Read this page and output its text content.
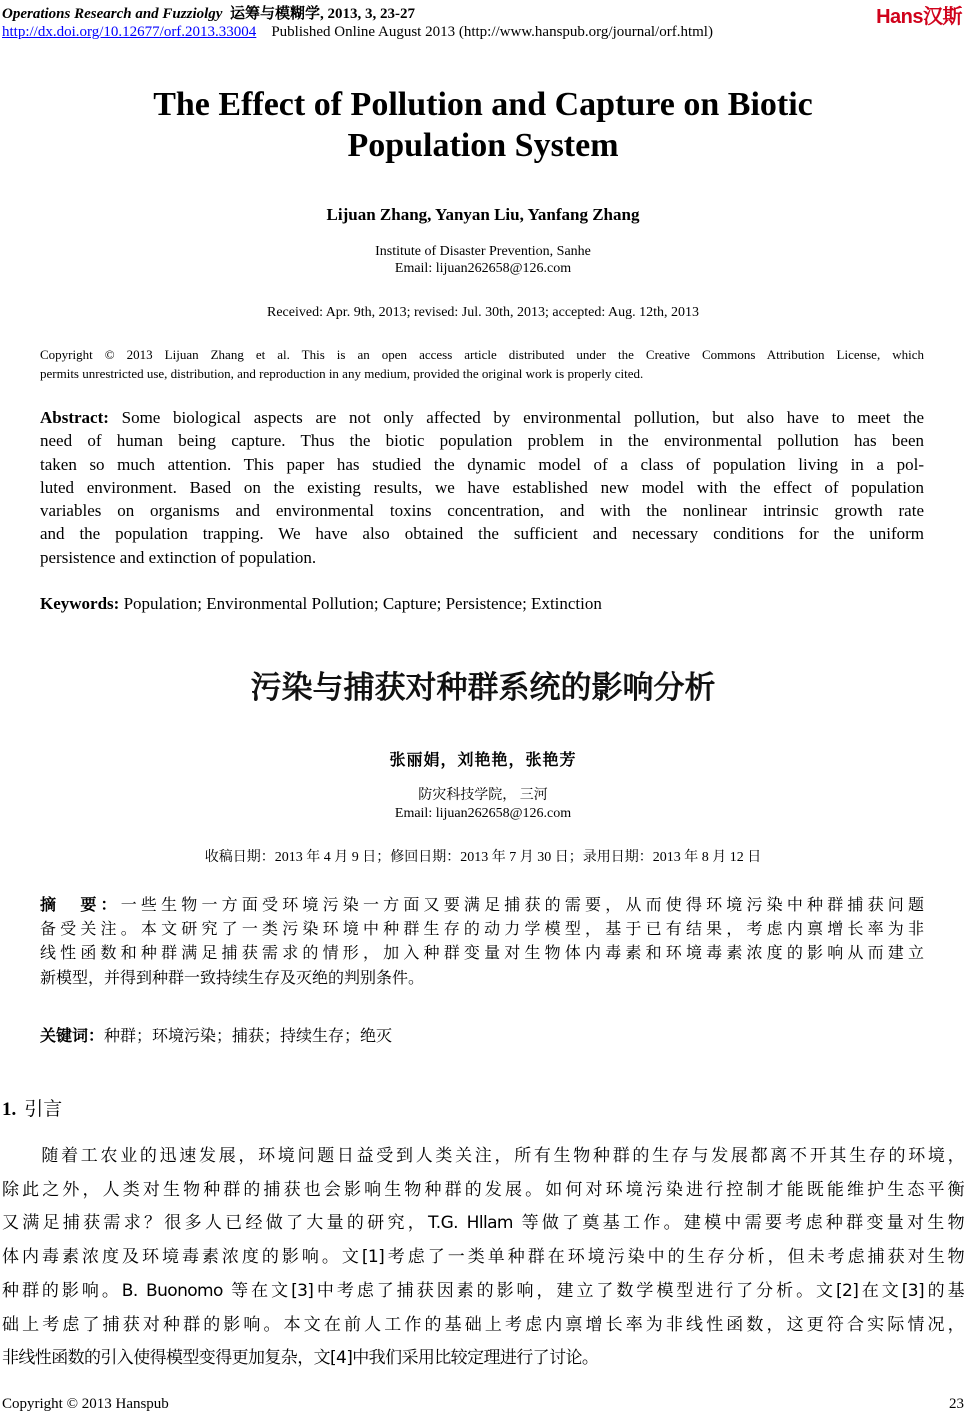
Operations Research and Fuzziolgy 运筹与模糊学, 2013, 3, 23-27
http://dx.doi.org/10.12677/orf.2013.33004 Published Online August 2013 (http://www.hanspub.org/journal/orf.html)
Hans汉斯
The Effect of Pollution and Capture on Biotic
Population System
Lijuan Zhang, Yanyan Liu, Yanfang Zhang
Institute of Disaster Prevention, Sanhe
Email: lijuan262658@126.com
Received: Apr. 9th, 2013; revised: Jul. 30th, 2013; accepted: Aug. 12th, 2013
Copyright © 2013 Lijuan Zhang et al. This is an open access article distributed under the Creative Commons Attribution License, which
permits unrestricted use, distribution, and reproduction in any medium, provided the original work is properly cited.
Abstract: Some biological aspects are not only affected by environmental pollution, but also have to meet the
need of human being capture. Thus the biotic population problem in the environmental pollution has been
taken so much attention. This paper has studied the dynamic model of a class of population living in a pol-
luted environment. Based on the existing results, we have established new model with the effect of population
variables on organisms and environmental toxins concentration, and with the nonlinear intrinsic growth rate
and the population trapping. We have also obtained the sufficient and necessary conditions for the uniform
persistence and extinction of population.
Keywords: Population; Environmental Pollution; Capture; Persistence; Extinction
污染与捕获对种群系统的影响分析
张丽娟，刘艳艳，张艳芳
防灾科技学院， 三河
Email: lijuan262658@126.com
收稿日期：2013 年 4 月 9 日；修回日期：2013 年 7 月 30 日；录用日期：2013 年 8 月 12 日
摘　要：一些生物一方面受环境污染一方面又要满足捕获的需要，从而使得环境污染中种群捕获问题
备受关注。本文研究了一类污染环境中种群生存的动力学模型，基于已有结果，考虑内禀增长率为非
线性函数和种群满足捕获需求的情形，加入种群变量对生物体内毒素和环境毒素浓度的影响从而建立
新模型，并得到种群一致持续生存及灭绝的判别条件。
关键词：种群；环境污染；捕获；持续生存；绝灭
1. 引言
　　随着工农业的迅速发展，环境问题日益受到人类关注，所有生物种群的生存与发展都离不开其生存的环境，
除此之外，人类对生物种群的捕获也会影响生物种群的发展。如何对环境污染进行控制才能既能维护生态平衡
又满足捕获需求？很多人已经做了大量的研究，T.G. Hllam 等做了奠基工作。建模中需要考虑种群变量对生物
体内毒素浓度及环境毒素浓度的影响。文[1]考虑了一类单种群在环境污染中的生存分析，但未考虑捕获对生物
种群的影响。B. Buonomo 等在文[3]中考虑了捕获因素的影响，建立了数学模型进行了分析。文[2]在文[3]的基
础上考虑了捕获对种群的影响。本文在前人工作的基础上考虑内禀增长率为非线性函数，这更符合实际情况，
非线性函数的引入使得模型变得更加复杂，文[4]中我们采用比较定理进行了讨论。
Copyright © 2013 Hanspub	23
